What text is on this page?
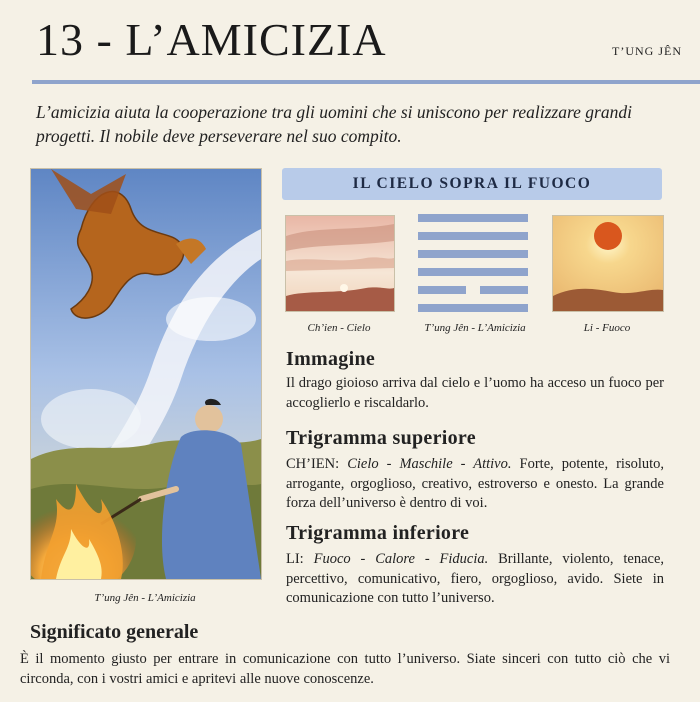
13 - L’AMICIZIA	T’UNG JÊN
L’amicizia aiuta la cooperazione tra gli uomini che si uniscono per realizzare grandi progetti. Il nobile deve perseverare nel suo compito.
T’ung Jên - L’Amicizia
IL CIELO SOPRA IL FUOCO
Ch’ien - Cielo	T’ung Jên - L’Amicizia	Li - Fuoco
Immagine
Il drago gioioso arriva dal cielo e l’uomo ha acceso un fuoco per accoglierlo e riscaldarlo.
Trigramma superiore
CH’IEN: Cielo - Maschile - Attivo. Forte, potente, risoluto, arrogante, orgoglioso, creativo, estroverso e onesto. La grande forza dell’universo è dentro di voi.
Trigramma inferiore
LI: Fuoco - Calore - Fiducia. Brillante, violento, tenace, percettivo, comunicativo, fiero, orgoglioso, avido. Siete in comunicazione con tutto l’universo.
Significato generale
È il momento giusto per entrare in comunicazione con tutto l’universo. Siate sinceri con tutto ciò che vi circonda, con i vostri amici e apritevi alle nuove conoscenze.
